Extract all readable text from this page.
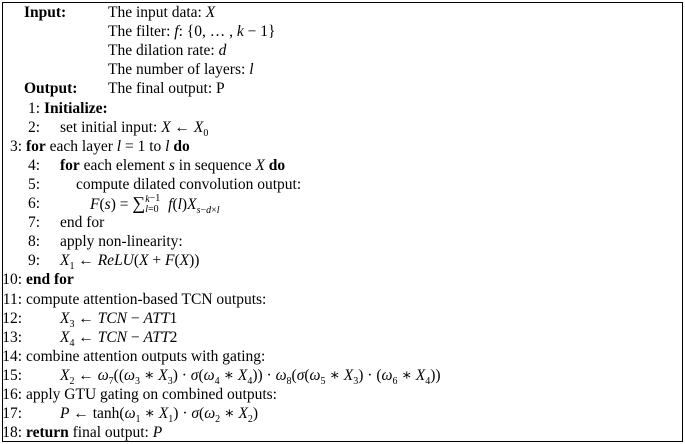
Input:	The input data: X
The filter: f: {0, … , k − 1}
The dilation rate: d
The number of layers: l
Output: The final output: P
1: Initialize:
2: set initial input: X ← $X_0$
3: for each layer l = 1 to l do
4: for each element s in sequence X do
5: compute dilated convolution output:
6:	F(s) = ∑ k
l=0
$^{-1}$ $f(l)X_{s-d\times l}$
7: end for
8: apply non-linearity:
9: $X_1$ ← ReLU(X + F(X))
10: end for
11: compute attention-based TCN outputs:
12: $X_3$ ← TCN − ATT1
13: $X_4$ ← TCN − ATT2
14: combine attention outputs with gating:
15: $X_2$ ← $\omega_7((\omega_3$ ∗ $X_3) \cdot \sigma(\omega_4$ ∗ $X_4)) \cdot \omega_8(\sigma(\omega_5$ ∗ $X_3) \cdot (\omega_6$ ∗ $X_4$))
16: apply GTU gating on combined outputs:
17: P ← $\tanh(\omega_1$ ∗ $X_1) \cdot \sigma(\omega_2$ ∗ $X_2$)
18: return final output: P
